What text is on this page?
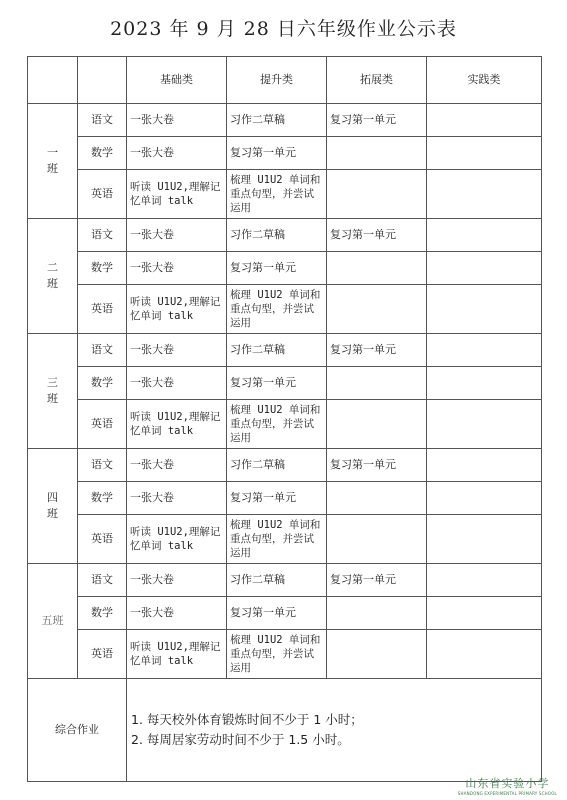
2023 年 9 月 28 日六年级作业公示表
		基础类	提升类	拓展类	实践类
一
班	语文	一张大卷	习作二草稿	复习第一单元	
	数学	一张大卷	复习第一单元		
	英语	听读 U1U2,理解记忆单词 talk	梳理 U1U2 单词和重点句型，并尝试运用		
二
班	语文	一张大卷	习作二草稿	复习第一单元	
	数学	一张大卷	复习第一单元		
	英语	听读 U1U2,理解记忆单词 talk	梳理 U1U2 单词和重点句型，并尝试运用		
三
班	语文	一张大卷	习作二草稿	复习第一单元	
	数学	一张大卷	复习第一单元		
	英语	听读 U1U2,理解记忆单词 talk	梳理 U1U2 单词和重点句型，并尝试运用		
四
班	语文	一张大卷	习作二草稿	复习第一单元	
	数学	一张大卷	复习第一单元		
	英语	听读 U1U2,理解记忆单词 talk	梳理 U1U2 单词和重点句型，并尝试运用		
五班	语文	一张大卷	习作二草稿	复习第一单元	
	数学	一张大卷	复习第一单元		
	英语	听读 U1U2,理解记忆单词 talk	梳理 U1U2 单词和重点句型，并尝试运用		
综合作业		1. 每天校外体育锻炼时间不少于 1 小时；
2. 每周居家劳动时间不少于 1.5 小时。			
山东省实验小学
SHANDONG EXPERIMENTAL PRIMARY SCHOOL
